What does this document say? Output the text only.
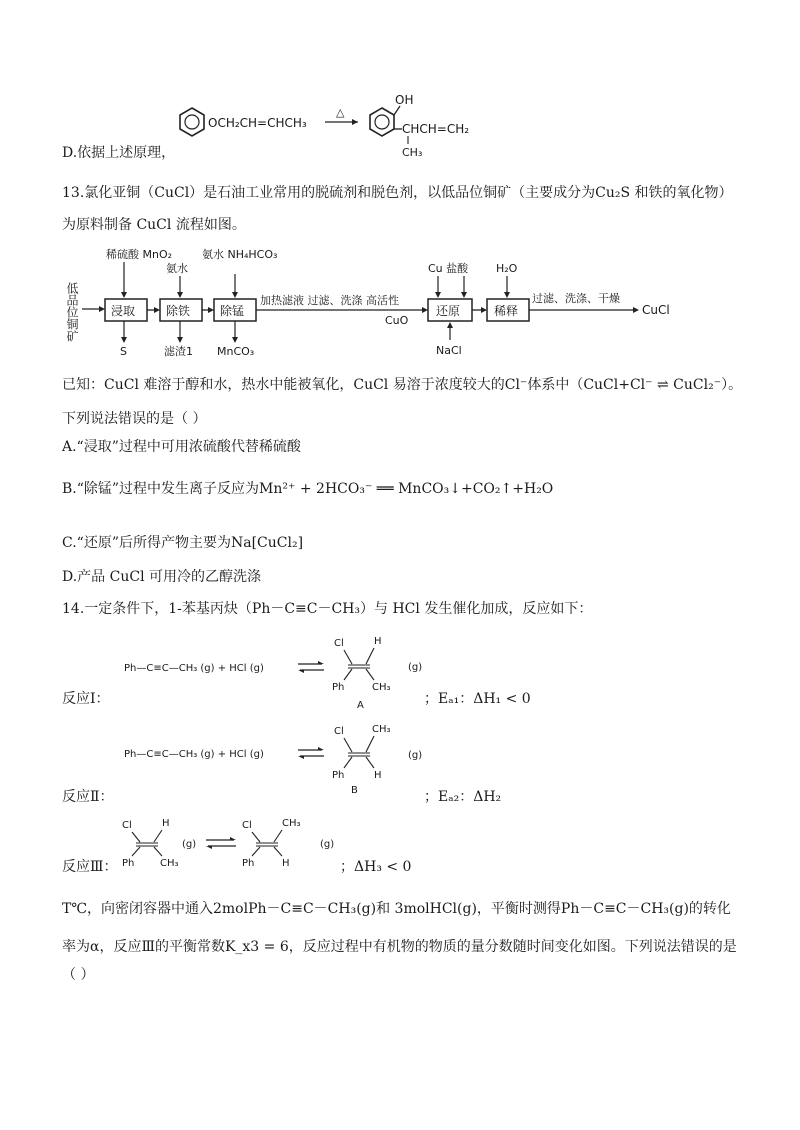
OCH₂CH=CHCH₃
△
OH
CHCH=CH₂
CH₃
D.依据上述原理，
13.氯化亚铜（CuCl）是石油工业常用的脱硫剂和脱色剂，以低品位铜矿（主要成分为Cu₂S 和铁的氧化物）
为原料制备 CuCl 流程如图。
低品位铜矿
稀硫酸 MnO₂
浸取
S
氨水
除铁
滤渣1
氨水 NH₄HCO₃
除锰
MnCO₃
加热滤液 过滤、洗涤 高活性
CuO
Cu 盐酸
还原
NaCl
H₂O
稀释
过滤、洗涤、干燥
CuCl
已知：CuCl 难溶于醇和水，热水中能被氧化，CuCl 易溶于浓度较大的Cl⁻体系中（CuCl+Cl⁻ ⇌ CuCl₂⁻）。
下列说法错误的是（ ）
A.“浸取”过程中可用浓硫酸代替稀硫酸
B.“除锰”过程中发生离子反应为Mn²⁺ + 2HCO₃⁻ ══ MnCO₃↓+CO₂↑+H₂O
C.“还原”后所得产物主要为Na[CuCl₂]
D.产品 CuCl 可用冷的乙醇洗涤
14.一定条件下，1-苯基丙炔（Ph－C≡C－CH₃）与 HCl 发生催化加成，反应如下：
Ph—C≡C—CH₃ (g) + HCl (g)
Cl	H
Ph	CH₃
(g)
A
反应Ⅰ：	；Eₐ₁：ΔH₁ < 0
Ph—C≡C—CH₃ (g) + HCl (g)
Cl	CH₃
Ph	H
(g)
B
反应Ⅱ：	；Eₐ₂：ΔH₂
Cl	H
Ph	CH₃
(g)
Cl	CH₃
Ph	H
(g)
反应Ⅲ：	；ΔH₃ < 0
T℃，向密闭容器中通入2molPh－C≡C－CH₃(g)和 3molHCl(g)，平衡时测得Ph－C≡C－CH₃(g)的转化
率为α，反应Ⅲ的平衡常数K_x3 = 6，反应过程中有机物的物质的量分数随时间变化如图。下列说法错误的是
（ ）
